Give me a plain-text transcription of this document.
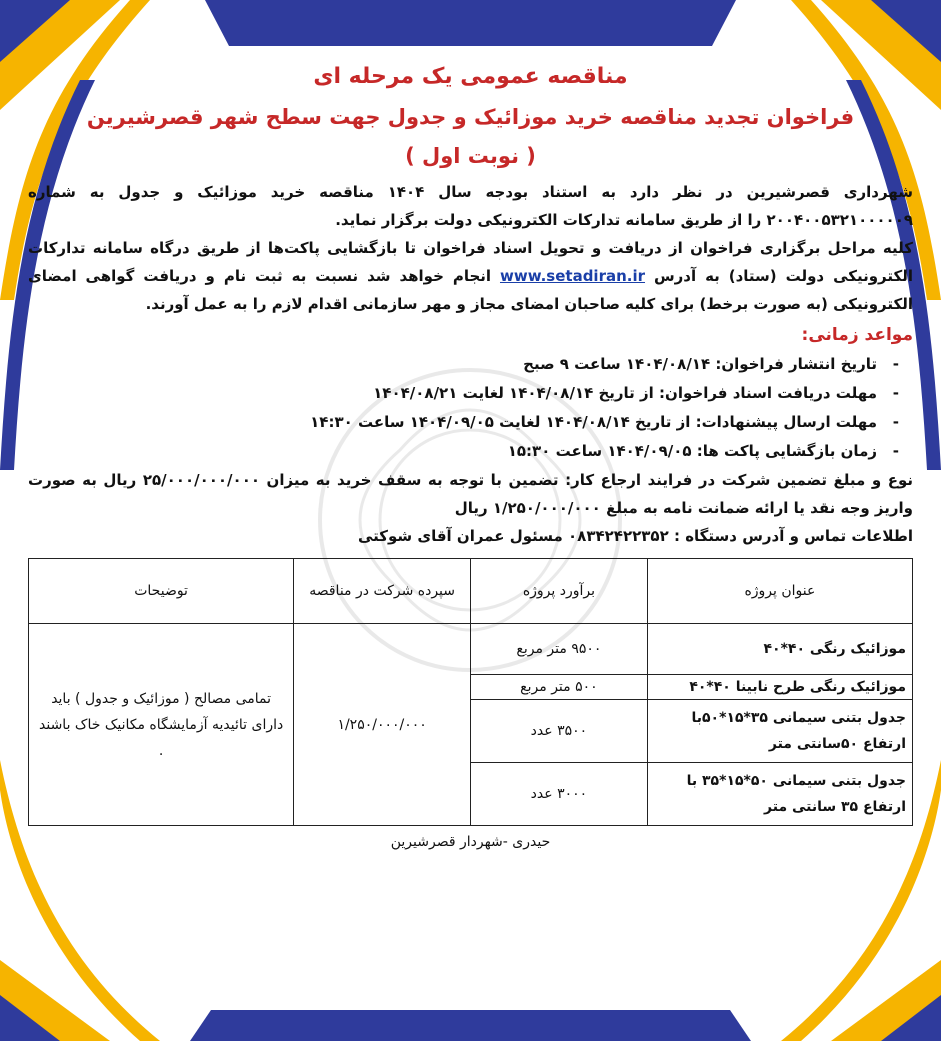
مناقصه عمومی یک مرحله ای
فراخوان تجدید مناقصه خرید موزائیک و جدول جهت سطح شهر قصرشیرین
( نوبت اول )

شهرداری قصرشیرین در نظر دارد به استناد بودجه سال ۱۴۰۴ مناقصه خرید موزائیک و جدول به شماره ۲۰۰۴۰۰۵۳۲۱۰۰۰۰۰۹ را از طریق سامانه تدارکات الکترونیکی دولت برگزار نماید.

کلیه مراحل برگزاری فراخوان از دریافت و تحویل اسناد فراخوان تا بازگشایی پاکت‌ها از طریق درگاه سامانه تدارکات الکترونیکی دولت (ستاد) به آدرس www.setadiran.ir انجام خواهد شد نسبت به ثبت نام و دریافت گواهی امضای الکترونیکی (به صورت برخط) برای کلیه صاحبان امضای مجاز و مهر سازمانی اقدام لازم را به عمل آورند.

مواعد زمانی:
-تاریخ انتشار فراخوان: ۱۴۰۴/۰۸/۱۴ ساعت ۹ صبح
-مهلت دریافت اسناد فراخوان: از تاریخ ۱۴۰۴/۰۸/۱۴ لغایت ۱۴۰۴/۰۸/۲۱
-مهلت ارسال پیشنهادات: از تاریخ ۱۴۰۴/۰۸/۱۴ لغایت ۱۴۰۴/۰۹/۰۵ ساعت ۱۴:۳۰
-زمان بازگشایی پاکت ها: ۱۴۰۴/۰۹/۰۵ ساعت ۱۵:۳۰

نوع و مبلغ تضمین شرکت در فرایند ارجاع کار: تضمین با توجه به سقف خرید به میزان ۲۵/۰۰۰/۰۰۰/۰۰۰ ریال به صورت واریز وجه نقد یا ارائه ضمانت نامه به مبلغ ۱/۲۵۰/۰۰۰/۰۰۰ ریال

اطلاعات تماس و آدرس دستگاه : ۰۸۳۴۲۴۲۲۳۵۲ مسئول عمران آقای شوکتی

عنوان پروژه	برآورد پروژه	سپرده شرکت در مناقصه	توضیحات
موزائیک رنگی ۴۰*۴۰	۹۵۰۰ متر مربع	۱/۲۵۰/۰۰۰/۰۰۰	تمامی مصالح ( موزائیک و جدول ) باید دارای تائیدیه آزمایشگاه مکانیک خاک باشند .
موزائیک رنگی طرح نابینا ۴۰*۴۰	۵۰۰ متر مربع		
جدول بتنی سیمانی ۳۵*۱۵*۵۰با ارتفاع ۵۰سانتی متر	۳۵۰۰ عدد		
جدول بتنی سیمانی ۵۰*۱۵*۳۵ با ارتفاع ۳۵ سانتی متر	۳۰۰۰ عدد		
حیدری -شهردار قصرشیرین
